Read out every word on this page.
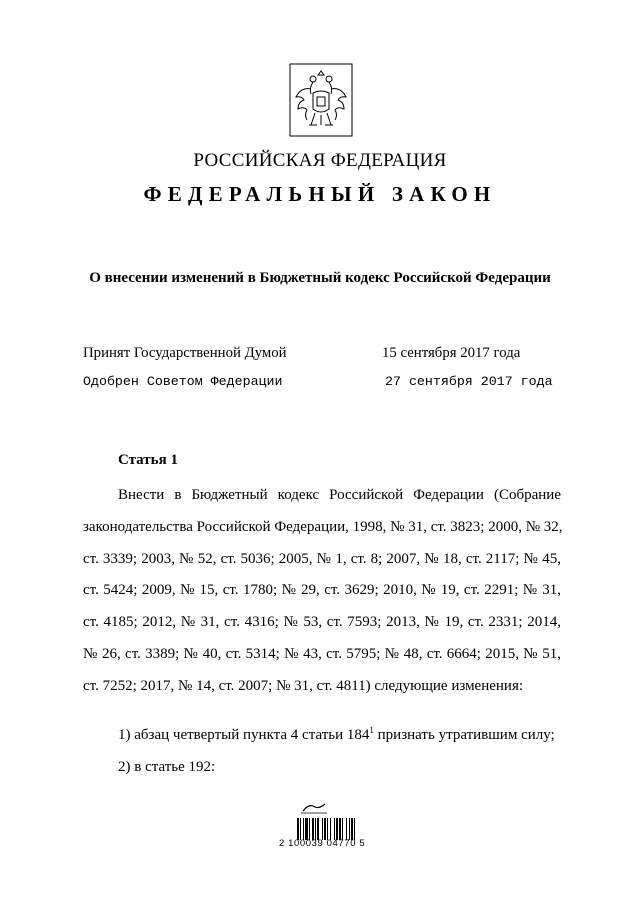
РОССИЙСКАЯ ФЕДЕРАЦИЯ
ФЕДЕРАЛЬНЫЙ ЗАКОН
О внесении изменений в Бюджетный кодекс Российской Федерации
Принят Государственной Думой	15 сентября 2017 года
Одобрен Советом Федерации	27 сентября 2017 года
Статья 1
Внести в Бюджетный кодекс Российской Федерации (Собрание
законодательства Российской Федерации, 1998, № 31, ст. 3823; 2000, № 32,
ст. 3339; 2003, № 52, ст. 5036; 2005, № 1, ст. 8; 2007, № 18, ст. 2117; № 45,
ст. 5424; 2009, № 15, ст. 1780; № 29, ст. 3629; 2010, № 19, ст. 2291; № 31,
ст. 4185; 2012, № 31, ст. 4316; № 53, ст. 7593; 2013, № 19, ст. 2331; 2014,
№ 26, ст. 3389; № 40, ст. 5314; № 43, ст. 5795; № 48, ст. 6664; 2015, № 51,
ст. 7252; 2017, № 14, ст. 2007; № 31, ст. 4811) следующие изменения:
1) абзац четвертый пункта 4 статьи $184^1$ признать утратившим силу;
2) в статье 192:
2 100039 04770 5
